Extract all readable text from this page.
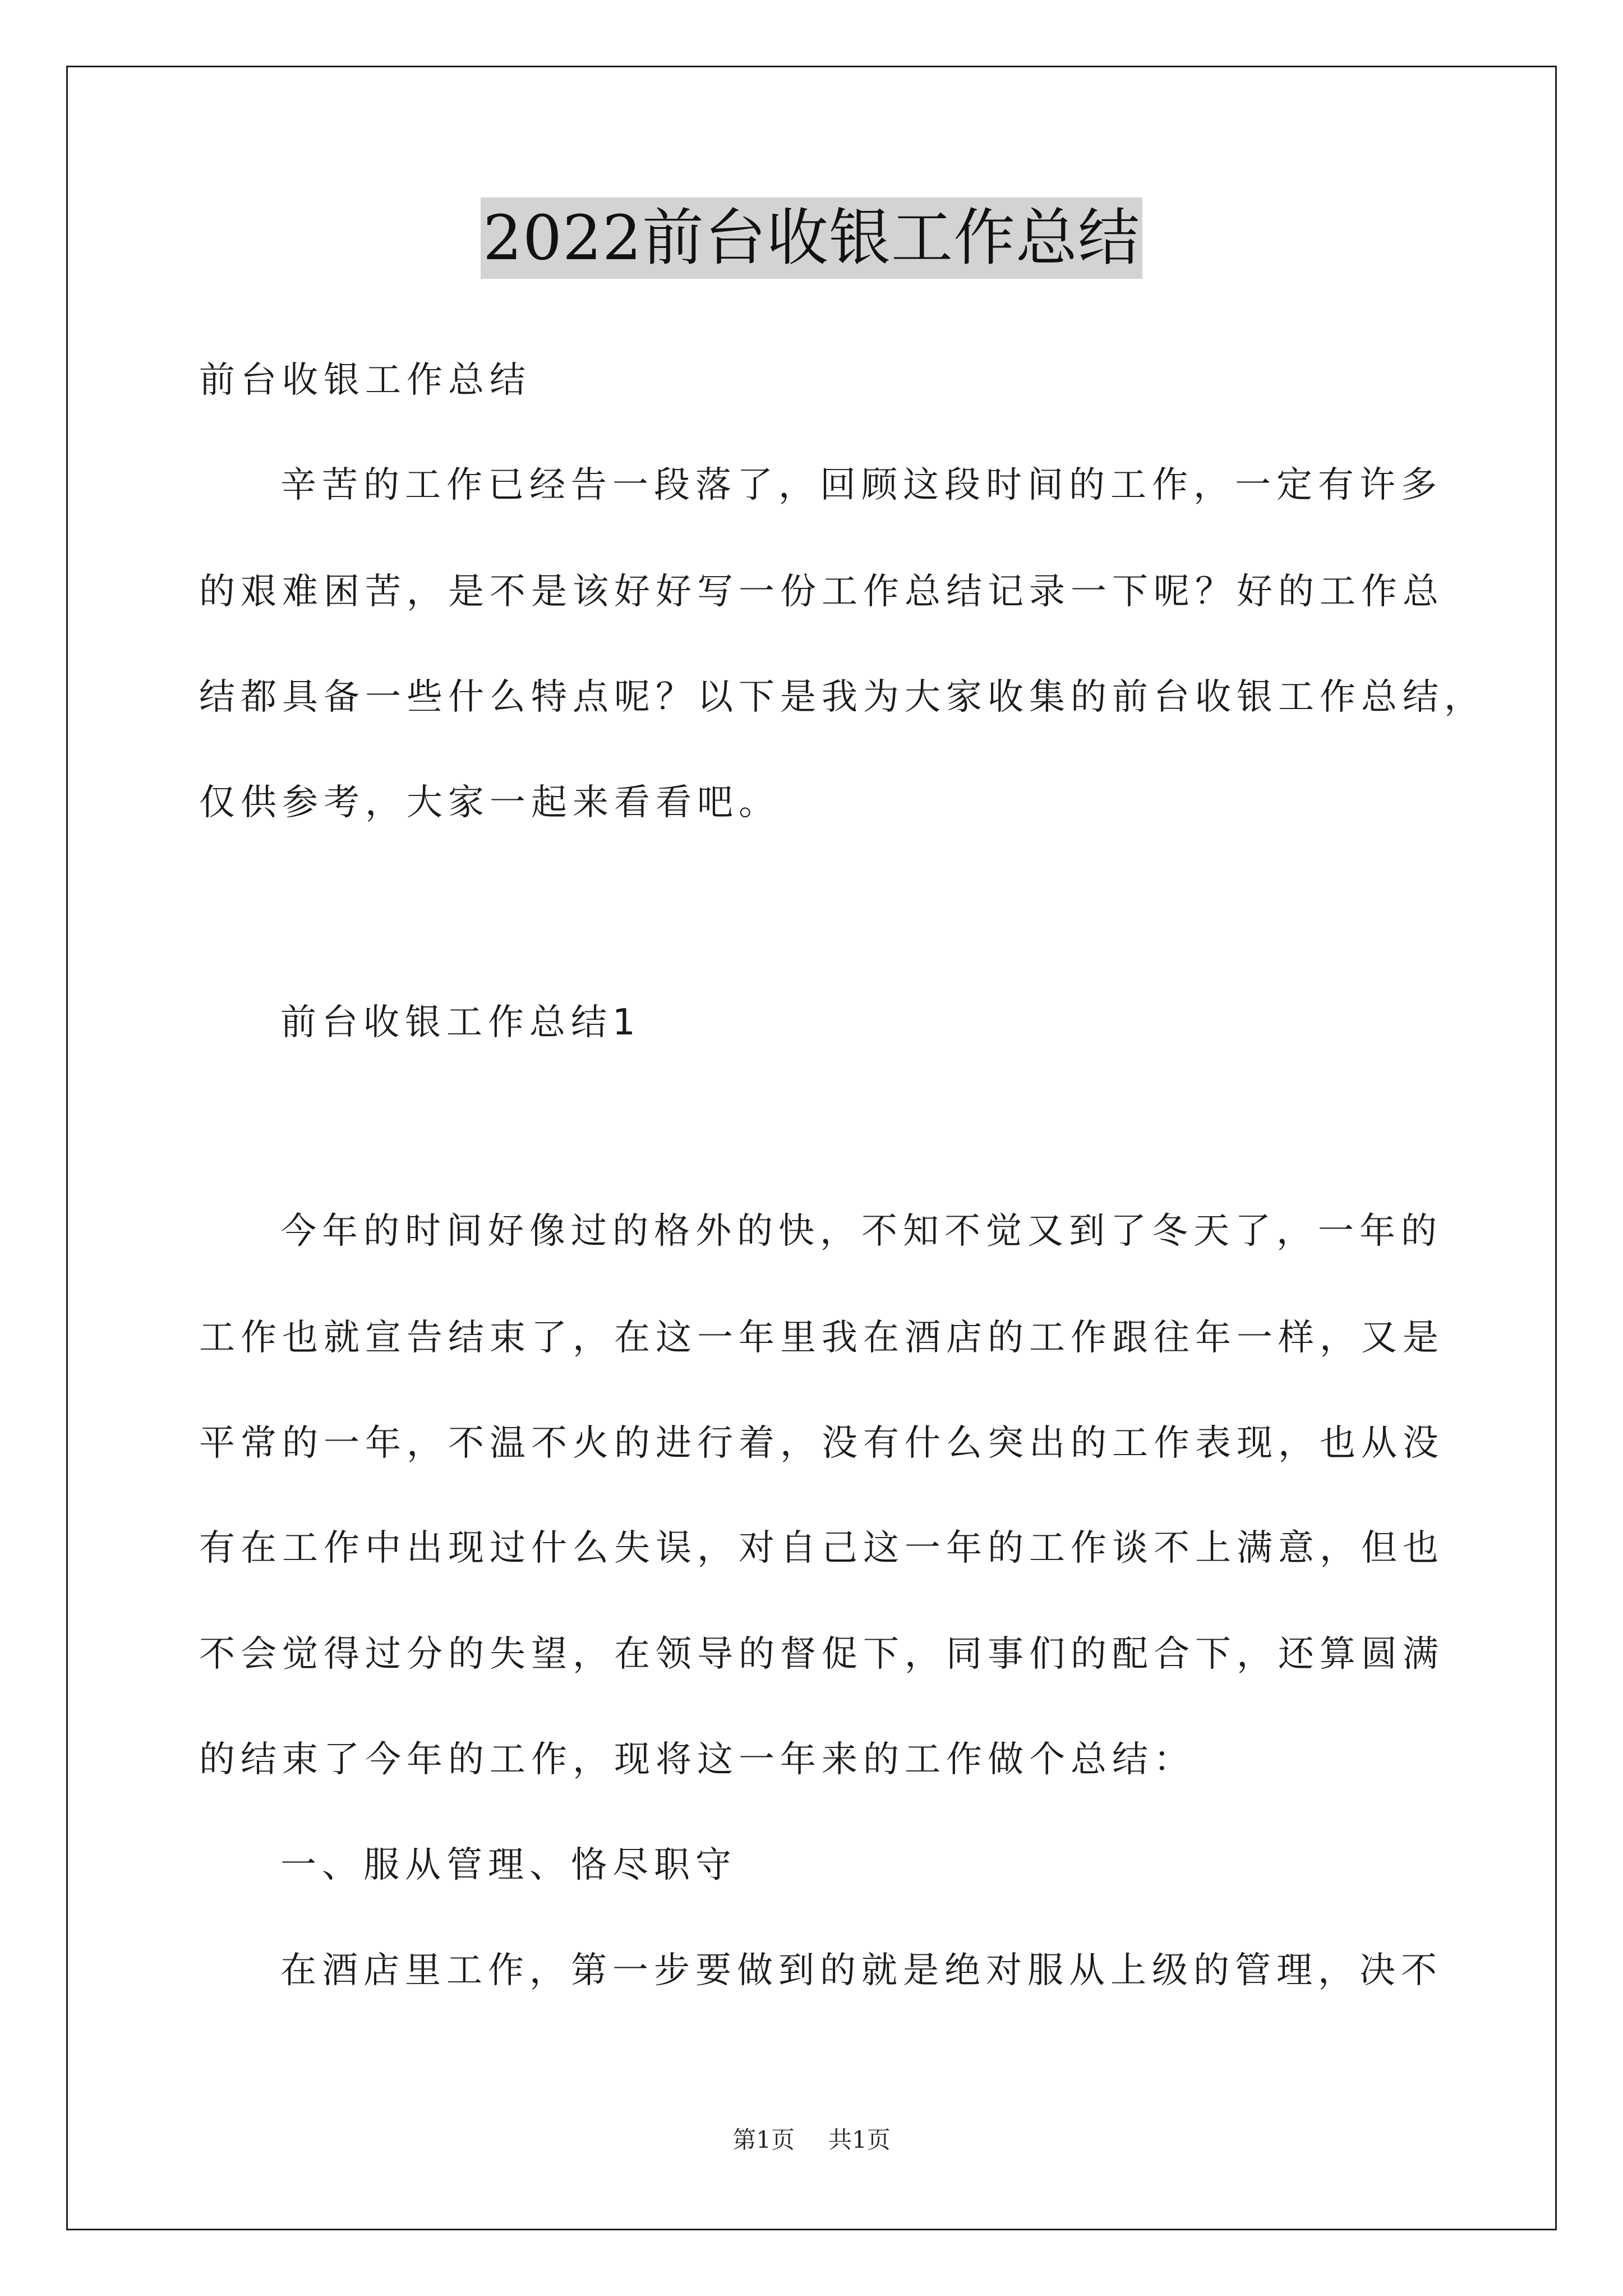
2022前台收银工作总结
前台收银工作总结
辛苦的工作已经告一段落了，回顾这段时间的工作，一定有许多
的艰难困苦，是不是该好好写一份工作总结记录一下呢？好的工作总
结都具备一些什么特点呢？以下是我为大家收集的前台收银工作总结，
仅供参考，大家一起来看看吧。
前台收银工作总结1
今年的时间好像过的格外的快，不知不觉又到了冬天了，一年的
工作也就宣告结束了，在这一年里我在酒店的工作跟往年一样，又是
平常的一年，不温不火的进行着，没有什么突出的工作表现，也从没
有在工作中出现过什么失误，对自己这一年的工作谈不上满意，但也
不会觉得过分的失望，在领导的督促下，同事们的配合下，还算圆满
的结束了今年的工作，现将这一年来的工作做个总结：
一、服从管理、恪尽职守
在酒店里工作，第一步要做到的就是绝对服从上级的管理，决不
第1页 共1页
